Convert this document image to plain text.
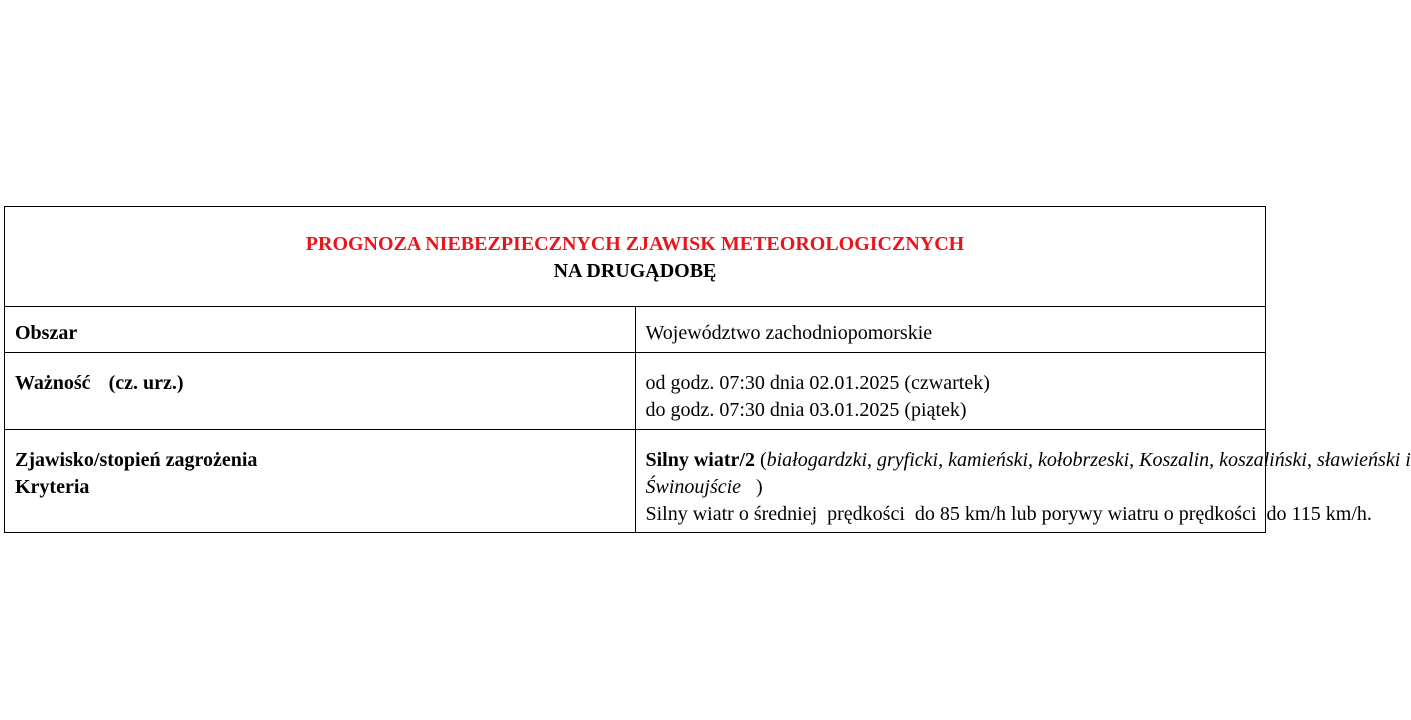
PROGNOZA NIEBEZPIECZNYCH ZJAWISK METEOROLOGICZNYCH
NA DRUGĄDOBĘ	

Obszar	Województwo zachodniopomorskie
Ważność (cz. urz.)	od godz. 07:30 dnia 02.01.2025 (czwartek)
do godz. 07:30 dnia 03.01.2025 (piątek)

Zjawisko/stopień zagrożenia
Kryteria	Silny wiatr/2 (białogardzki, gryficki, kamieński, kołobrzeski, Koszalin, koszaliński, sławieński i
Świnoujście )
Silny wiatr o średniej  prędkości  do 85 km/h lub porywy wiatru o prędkości  do 115 km/h.
